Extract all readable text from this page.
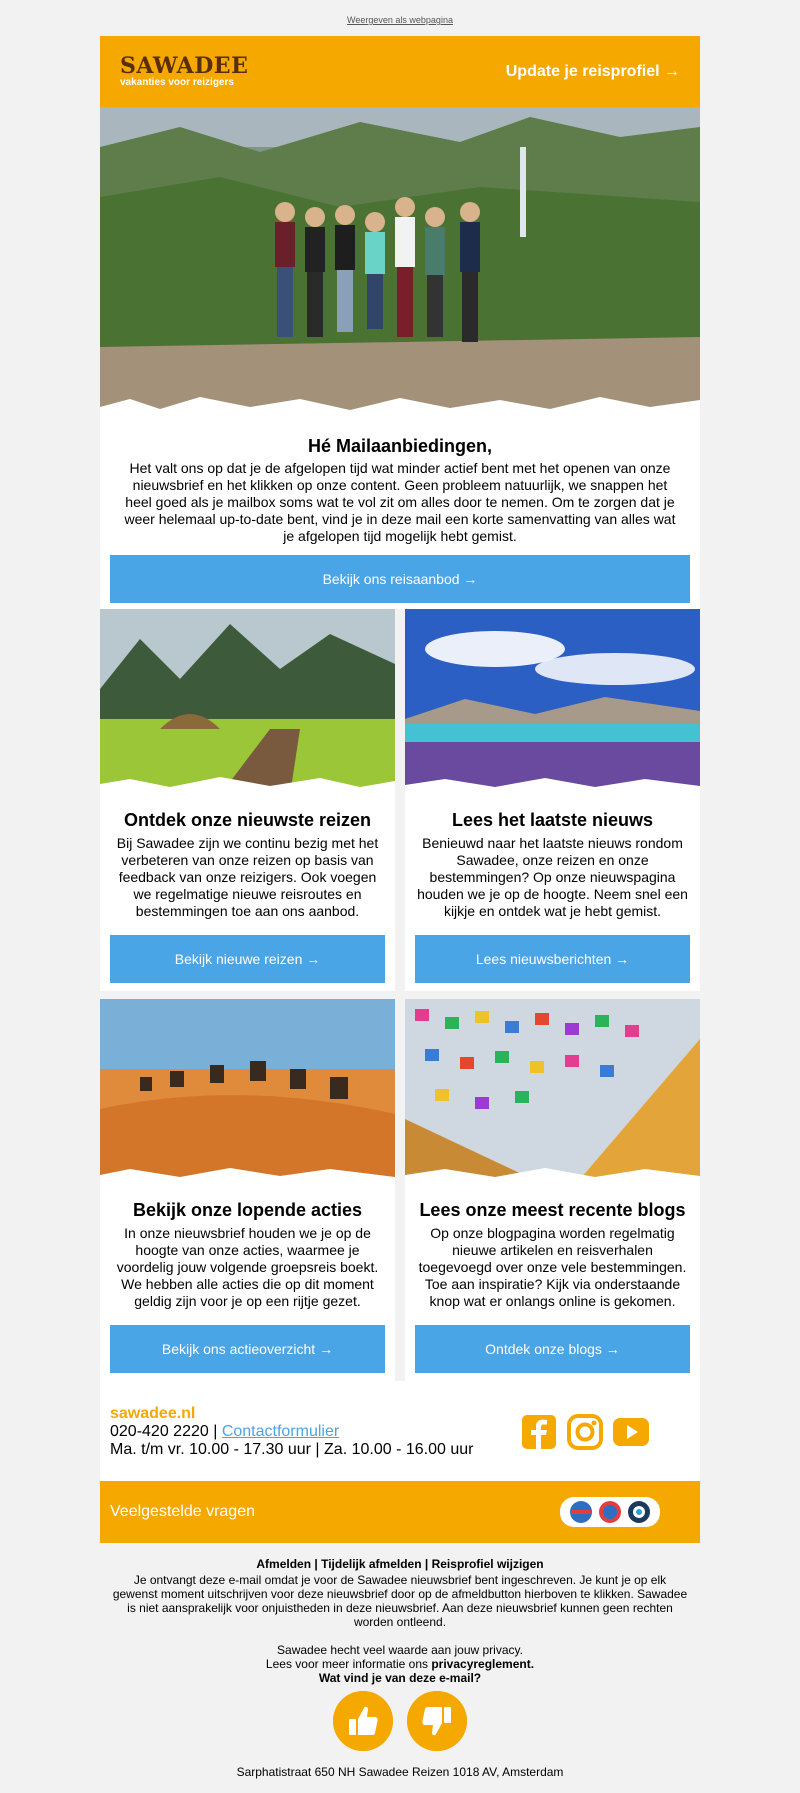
Weergeven als webpagina
SAWADEE
vakanties voor reizigers
Update je reisprofiel →
Hé Mailaanbiedingen,

Het valt ons op dat je de afgelopen tijd wat minder actief bent met het openen van onze nieuwsbrief en het klikken op onze content. Geen probleem natuurlijk, we snappen het heel goed als je mailbox soms wat te vol zit om alles door te nemen. Om te zorgen dat je weer helemaal up-to-date bent, vind je in deze mail een korte samenvatting van alles wat je afgelopen tijd mogelijk hebt gemist.

Bekijk ons reisaanbod →
Ontdek onze nieuwste reizen

Bij Sawadee zijn we continu bezig met het verbeteren van onze reizen op basis van feedback van onze reizigers. Ook voegen we regelmatige nieuwe reisroutes en bestemmingen toe aan ons aanbod.

Bekijk nieuwe reizen →
Lees het laatste nieuws

Benieuwd naar het laatste nieuws rondom Sawadee, onze reizen en onze bestemmingen? Op onze nieuwspagina houden we je op de hoogte. Neem snel een kijkje en ontdek wat je hebt gemist.

Lees nieuwsberichten →
Bekijk onze lopende acties

In onze nieuwsbrief houden we je op de hoogte van onze acties, waarmee je voordelig jouw volgende groepsreis boekt. We hebben alle acties die op dit moment geldig zijn voor je op een rijtje gezet.

Bekijk ons actieoverzicht →
Lees onze meest recente blogs

Op onze blogpagina worden regelmatig nieuwe artikelen en reisverhalen toegevoegd over onze vele bestemmingen. Toe aan inspiratie? Kijk via onderstaande knop wat er onlangs online is gekomen.

Ontdek onze blogs →
sawadee.nl
020-420 2220 | Contactformulier
Ma. t/m vr. 10.00 - 17.30 uur | Za. 10.00 - 16.00 uur
Veelgestelde vragen
Afmelden | Tijdelijk afmelden | Reisprofiel wijzigen

Je ontvangt deze e-mail omdat je voor de Sawadee nieuwsbrief bent ingeschreven. Je kunt je op elk gewenst moment uitschrijven voor deze nieuwsbrief door op de afmeldbutton hierboven te klikken. Sawadee is niet aansprakelijk voor onjuistheden in deze nieuwsbrief. Aan deze nieuwsbrief kunnen geen rechten worden ontleend.

Sawadee hecht veel waarde aan jouw privacy.
Lees voor meer informatie ons privacyreglement.
Wat vind je van deze e-mail?
Sarphatistraat 650 NH Sawadee Reizen 1018 AV, Amsterdam
